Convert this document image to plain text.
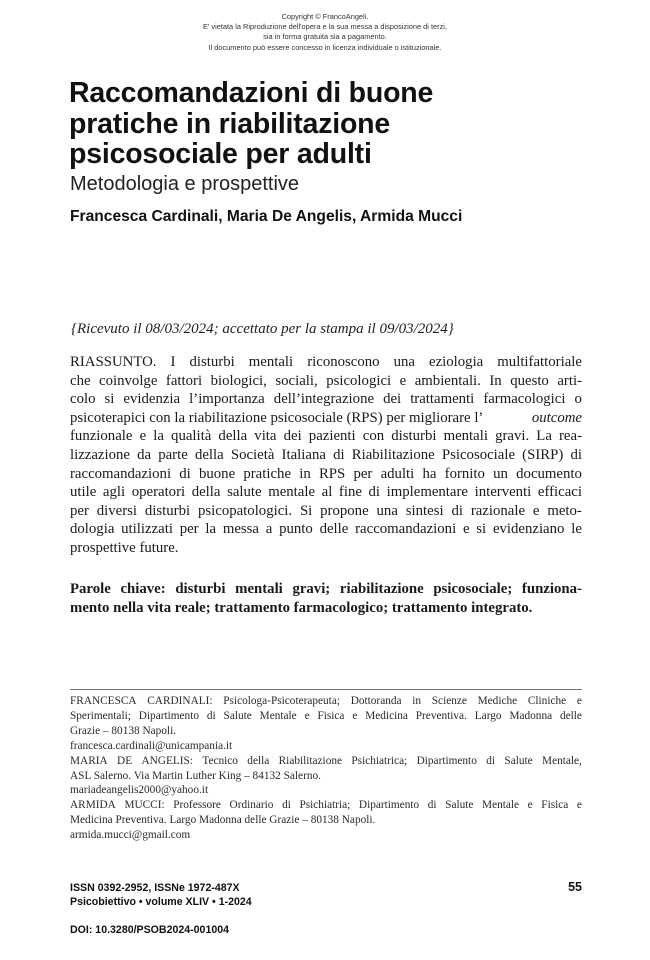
Copyright © FrancoAngeli.
E' vietata la Riproduzione dell'opera e la sua messa a disposizione di terzi,
sia in forma gratuita sia a pagamento.
Il documento può essere concesso in licenza individuale o istituzionale.
Raccomandazioni di buone
pratiche in riabilitazione
psicosociale per adulti
Metodologia e prospettive
Francesca Cardinali, Maria De Angelis, Armida Mucci
{Ricevuto il 08/03/2024; accettato per la stampa il 09/03/2024}
RIASSUNTO. I disturbi mentali riconoscono una eziologia multifattoriale
che coinvolge fattori biologici, sociali, psicologici e ambientali. In questo arti-
colo si evidenzia l’importanza dell’integrazione dei trattamenti farmacologici o
psicoterapici con la riabilitazione psicosociale (RPS) per migliorare l’	outcome
funzionale e la qualità della vita dei pazienti con disturbi mentali gravi. La rea-
lizzazione da parte della Società Italiana di Riabilitazione Psicosociale (SIRP) di
raccomandazioni di buone pratiche in RPS per adulti ha fornito un documento
utile agli operatori della salute mentale al fine di implementare interventi efficaci
per diversi disturbi psicopatologici. Si propone una sintesi di razionale e meto-
dologia utilizzati per la messa a punto delle raccomandazioni e si evidenziano le
prospettive future.
Parole chiave: disturbi mentali gravi; riabilitazione psicosociale; funziona-
mento nella vita reale; trattamento farmacologico; trattamento integrato.
FRANCESCA CARDINALI: Psicologa-Psicoterapeuta; Dottoranda in Scienze Mediche Cliniche e
Sperimentali; Dipartimento di Salute Mentale e Fisica e Medicina Preventiva. Largo Madonna delle
Grazie – 80138 Napoli.
francesca.cardinali@unicampania.it
MARIA DE ANGELIS: Tecnico della Riabilitazione Psichiatrica; Dipartimento di Salute Mentale,
ASL Salerno. Via Martin Luther King – 84132 Salerno.
mariadeangelis2000@yahoo.it
ARMIDA MUCCI: Professore Ordinario di Psichiatria; Dipartimento di Salute Mentale e Fisica e
Medicina Preventiva. Largo Madonna delle Grazie – 80138 Napoli.
armida.mucci@gmail.com
ISSN 0392-2952, ISSNe 1972-487X
Psicobiettivo • volume XLIV • 1-2024
55
DOI: 10.3280/PSOB2024-001004
